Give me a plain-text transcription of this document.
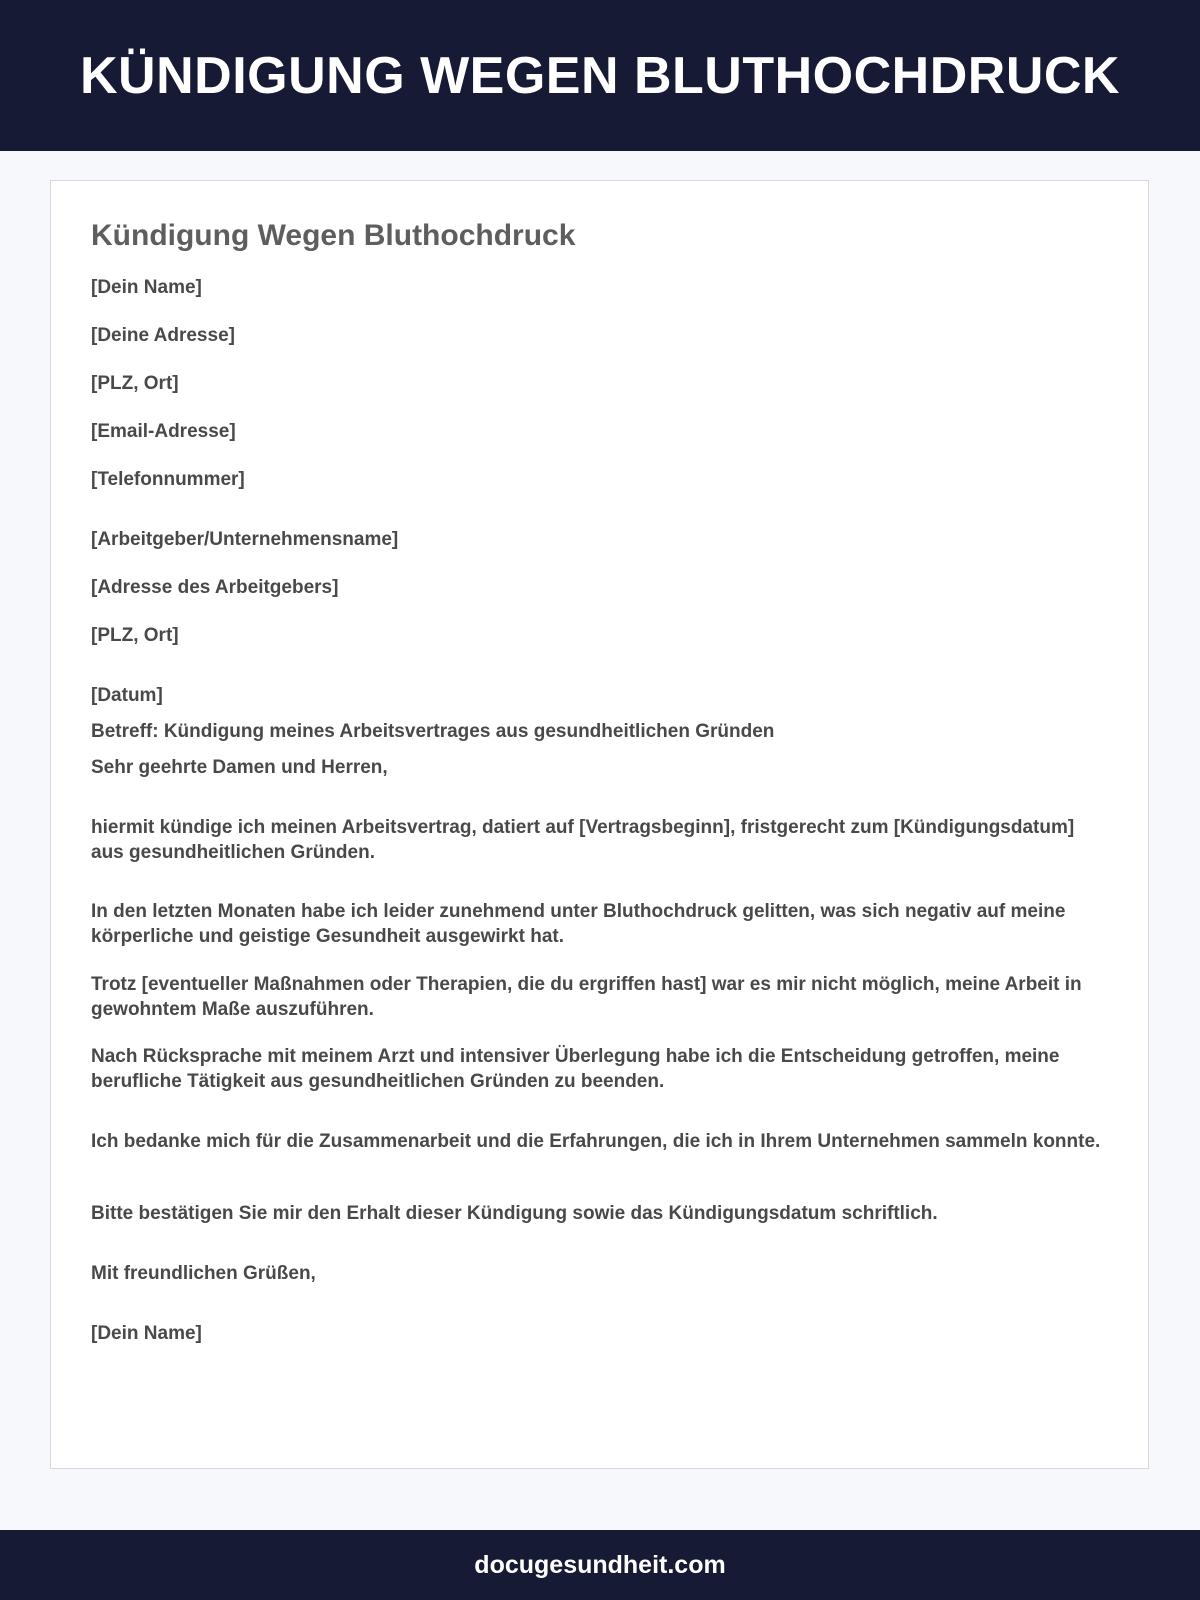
KÜNDIGUNG WEGEN BLUTHOCHDRUCK
Kündigung Wegen Bluthochdruck

[Dein Name]

[Deine Adresse]

[PLZ, Ort]

[Email-Adresse]

[Telefonnummer]

[Arbeitgeber/Unternehmensname]

[Adresse des Arbeitgebers]

[PLZ, Ort]

[Datum]

Betreff: Kündigung meines Arbeitsvertrages aus gesundheitlichen Gründen

Sehr geehrte Damen und Herren,

hiermit kündige ich meinen Arbeitsvertrag, datiert auf [Vertragsbeginn], fristgerecht zum [Kündigungsdatum] aus gesundheitlichen Gründen.

In den letzten Monaten habe ich leider zunehmend unter Bluthochdruck gelitten, was sich negativ auf meine körperliche und geistige Gesundheit ausgewirkt hat.

Trotz [eventueller Maßnahmen oder Therapien, die du ergriffen hast] war es mir nicht möglich, meine Arbeit in gewohntem Maße auszuführen.

Nach Rücksprache mit meinem Arzt und intensiver Überlegung habe ich die Entscheidung getroffen, meine berufliche Tätigkeit aus gesundheitlichen Gründen zu beenden.

Ich bedanke mich für die Zusammenarbeit und die Erfahrungen, die ich in Ihrem Unternehmen sammeln konnte.

Bitte bestätigen Sie mir den Erhalt dieser Kündigung sowie das Kündigungsdatum schriftlich.

Mit freundlichen Grüßen,

[Dein Name]

docugesundheit.com
